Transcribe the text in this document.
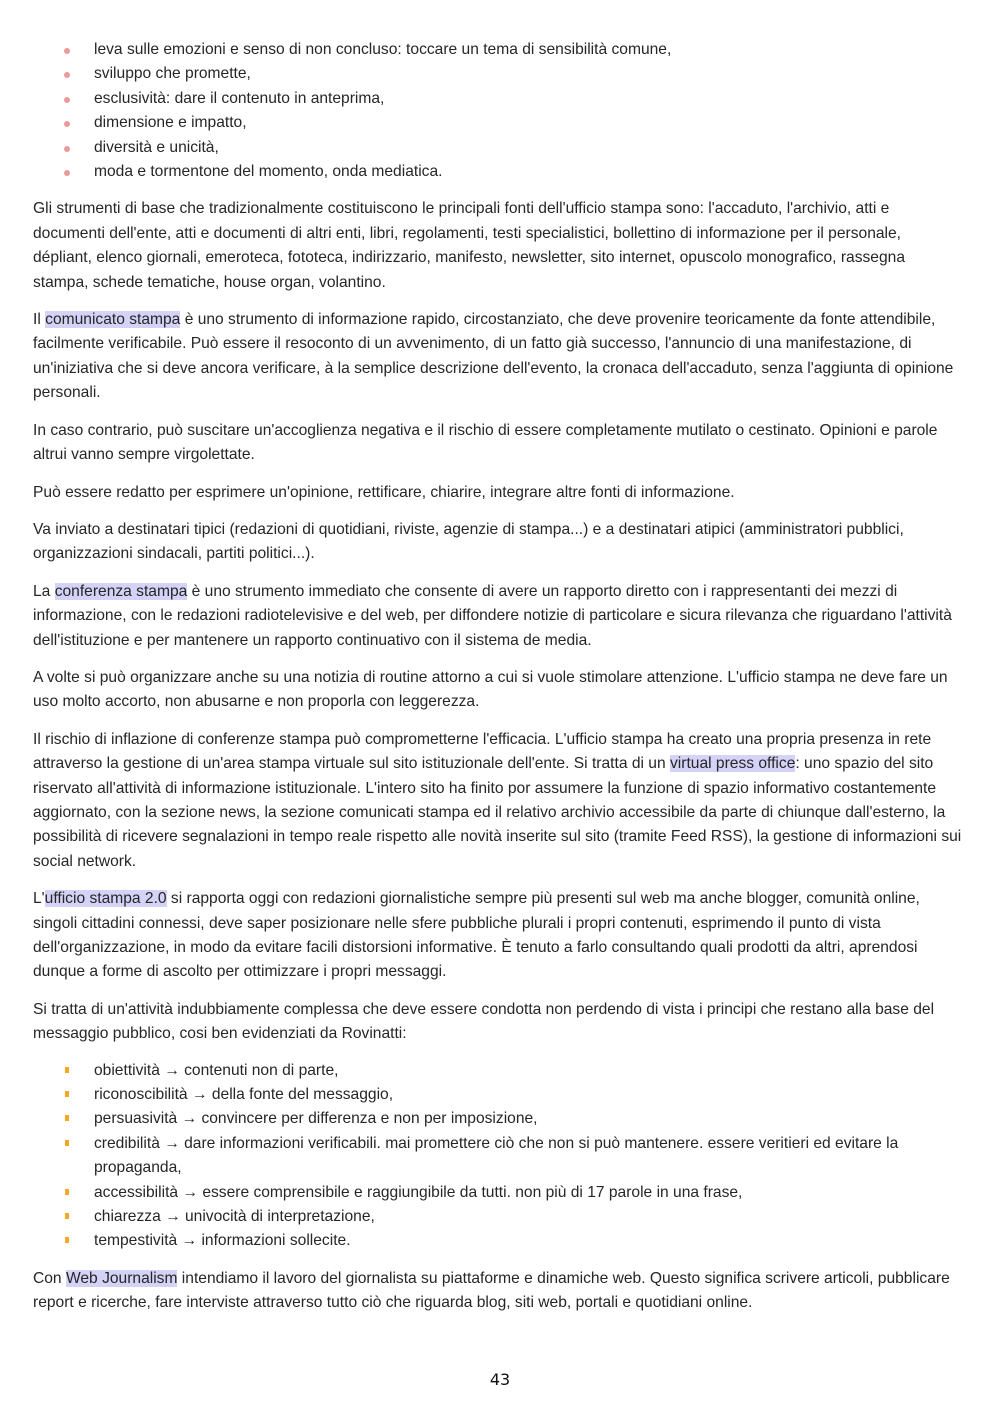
leva sulle emozioni e senso di non concluso: toccare un tema di sensibilità comune,
sviluppo che promette,
esclusività: dare il contenuto in anteprima,
dimensione e impatto,
diversità e unicità,
moda e tormentone del momento, onda mediatica.

Gli strumenti di base che tradizionalmente costituiscono le principali fonti dell'ufficio stampa sono: l'accaduto, l'archivio, atti e documenti dell'ente, atti e documenti di altri enti, libri, regolamenti, testi specialistici, bollettino di informazione per il personale, dépliant, elenco giornali, emeroteca, fototeca, indirizzario, manifesto, newsletter, sito internet, opuscolo monografico, rassegna stampa, schede tematiche, house organ, volantino.

Il comunicato stampa è uno strumento di informazione rapido, circostanziato, che deve provenire teoricamente da fonte attendibile, facilmente verificabile. Può essere il resoconto di un avvenimento, di un fatto già successo, l'annuncio di una manifestazione, di un'iniziativa che si deve ancora verificare, à la semplice descrizione dell'evento, la cronaca dell'accaduto, senza l'aggiunta di opinione personali.

In caso contrario, può suscitare un'accoglienza negativa e il rischio di essere completamente mutilato o cestinato. Opinioni e parole altrui vanno sempre virgolettate.

Può essere redatto per esprimere un'opinione, rettificare, chiarire, integrare altre fonti di informazione.

Va inviato a destinatari tipici (redazioni di quotidiani, riviste, agenzie di stampa...) e a destinatari atipici (amministratori pubblici, organizzazioni sindacali, partiti politici...).

La conferenza stampa è uno strumento immediato che consente di avere un rapporto diretto con i rappresentanti dei mezzi di informazione, con le redazioni radiotelevisive e del web, per diffondere notizie di particolare e sicura rilevanza che riguardano l'attività dell'istituzione e per mantenere un rapporto continuativo con il sistema de media.

A volte si può organizzare anche su una notizia di routine attorno a cui si vuole stimolare attenzione. L'ufficio stampa ne deve fare un uso molto accorto, non abusarne e non proporla con leggerezza.

Il rischio di inflazione di conferenze stampa può comprometterne l'efficacia. L'ufficio stampa ha creato una propria presenza in rete attraverso la gestione di un'area stampa virtuale sul sito istituzionale dell'ente. Si tratta di un virtual press office: uno spazio del sito riservato all'attività di informazione istituzionale. L'intero sito ha finito por assumere la funzione di spazio informativo costantemente aggiornato, con la sezione news, la sezione comunicati stampa ed il relativo archivio accessibile da parte di chiunque dall'esterno, la possibilità di ricevere segnalazioni in tempo reale rispetto alle novità inserite sul sito (tramite Feed RSS), la gestione di informazioni sui social network.

L'ufficio stampa 2.0 si rapporta oggi con redazioni giornalistiche sempre più presenti sul web ma anche blogger, comunità online, singoli cittadini connessi, deve saper posizionare nelle sfere pubbliche plurali i propri contenuti, esprimendo il punto di vista dell'organizzazione, in modo da evitare facili distorsioni informative. È tenuto a farlo consultando quali prodotti da altri, aprendosi dunque a forme di ascolto per ottimizzare i propri messaggi.

Si tratta di un'attività indubbiamente complessa che deve essere condotta non perdendo di vista i principi che restano alla base del messaggio pubblico, cosi ben evidenziati da Rovinatti:

obiettività → contenuti non di parte,
riconoscibilità → della fonte del messaggio,
persuasività → convincere per differenza e non per imposizione,
credibilità → dare informazioni verificabili. mai promettere ciò che non si può mantenere. essere veritieri ed evitare la propaganda,
accessibilità → essere comprensibile e raggiungibile da tutti. non più di 17 parole in una frase,
chiarezza → univocità di interpretazione,
tempestività → informazioni sollecite.

Con Web Journalism intendiamo il lavoro del giornalista su piattaforme e dinamiche web. Questo significa scrivere articoli, pubblicare report e ricerche, fare interviste attraverso tutto ciò che riguarda blog, siti web, portali e quotidiani online.

43
